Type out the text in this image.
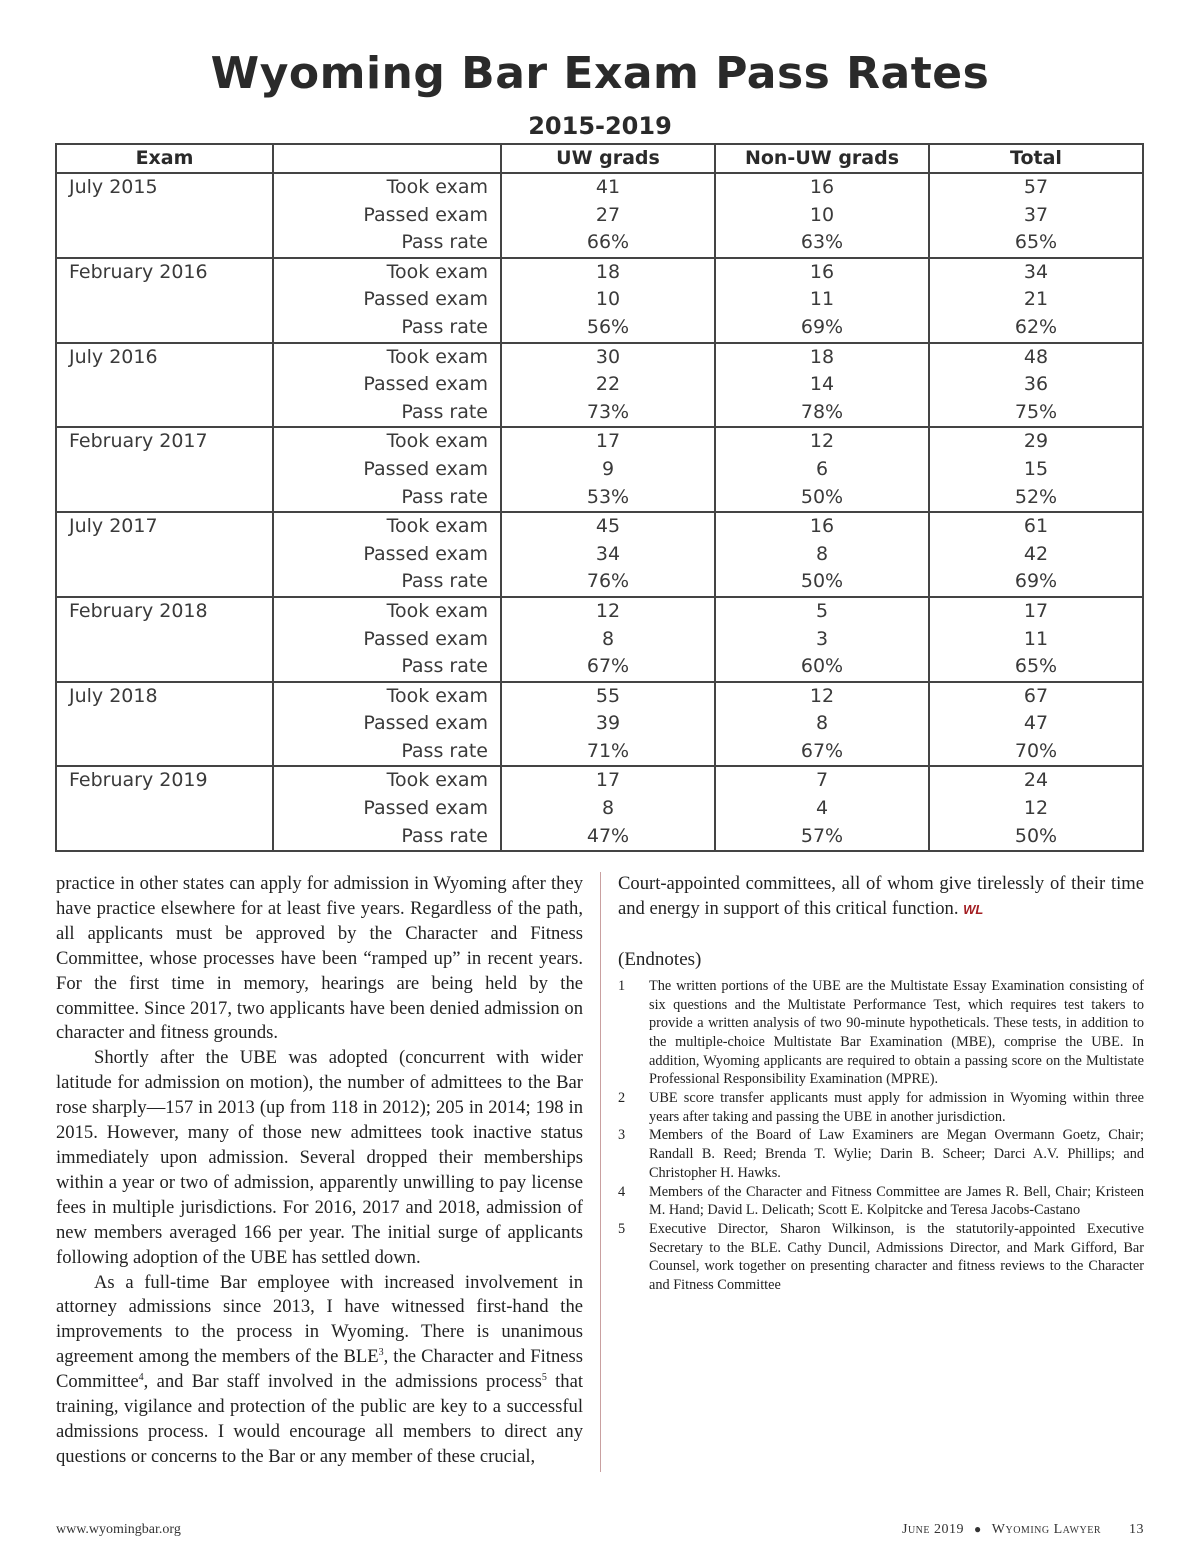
Wyoming Bar Exam Pass Rates
2015-2019
Exam		UW grads	Non-UW grads	Total
July 2015	Took exam	41	16	57
	Passed exam	27	10	37
	Pass rate	66%	63%	65%
February 2016	Took exam	18	16	34
	Passed exam	10	11	21
	Pass rate	56%	69%	62%
July 2016	Took exam	30	18	48
	Passed exam	22	14	36
	Pass rate	73%	78%	75%
February 2017	Took exam	17	12	29
	Passed exam	9	6	15
	Pass rate	53%	50%	52%
July 2017	Took exam	45	16	61
	Passed exam	34	8	42
	Pass rate	76%	50%	69%
February 2018	Took exam	12	5	17
	Passed exam	8	3	11
	Pass rate	67%	60%	65%
July 2018	Took exam	55	12	67
	Passed exam	39	8	47
	Pass rate	71%	67%	70%
February 2019	Took exam	17	7	24
	Passed exam	8	4	12
	Pass rate	47%	57%	50%

practice in other states can apply for admission in Wyoming after they have practice elsewhere for at least five years. Regardless of the path, all applicants must be approved by the Character and Fitness Committee, whose processes have been “ramped up” in recent years. For the first time in memory, hearings are being held by the committee. Since 2017, two applicants have been denied admission on character and fitness grounds.

Shortly after the UBE was adopted (concurrent with wider latitude for admission on motion), the number of admittees to the Bar rose sharply—157 in 2013 (up from 118 in 2012); 205 in 2014; 198 in 2015. However, many of those new admittees took inactive status immediately upon admission. Several dropped their memberships within a year or two of admission, apparently unwilling to pay license fees in multiple jurisdictions. For 2016, 2017 and 2018, admission of new members averaged 166 per year. The initial surge of applicants following adoption of the UBE has settled down.

As a full-time Bar employee with increased involvement in attorney admissions since 2013, I have witnessed first-hand the improvements to the process in Wyoming. There is unanimous agreement among the members of the BLE$^3$, the Character and Fitness Committee$^4$, and Bar staff involved in the admissions process$^5$ that training, vigilance and protection of the public are key to a successful admissions process. I would encourage all members to direct any questions or concerns to the Bar or any member of these crucial,

Court-appointed committees, all of whom give tirelessly of their time and energy in support of this critical function. WL

(Endnotes)
1	The written portions of the UBE are the Multistate Essay Examination consisting of six questions and the Multistate Performance Test, which requires test takers to provide a written analysis of two 90-minute hypotheticals. These tests, in addition to the multiple-choice Multistate Bar Examination (MBE), comprise the UBE. In addition, Wyoming applicants are required to obtain a passing score on the Multistate Professional Responsibility Examination (MPRE).
2	UBE score transfer applicants must apply for admission in Wyoming within three years after taking and passing the UBE in another jurisdiction.
3	Members of the Board of Law Examiners are Megan Overmann Goetz, Chair; Randall B. Reed; Brenda T. Wylie; Darin B. Scheer; Darci A.V. Phillips; and Christopher H. Hawks.
4	Members of the Character and Fitness Committee are James R. Bell, Chair; Kristeen M. Hand; David L. Delicath; Scott E. Kolpitcke and Teresa Jacobs-Castano
5	Executive Director, Sharon Wilkinson, is the statutorily-appointed Executive Secretary to the BLE. Cathy Duncil, Admissions Director, and Mark Gifford, Bar Counsel, work together on presenting character and fitness reviews to the Character and Fitness Committee
www.wyomingbar.org	June 2019 ● Wyoming Lawyer 13
